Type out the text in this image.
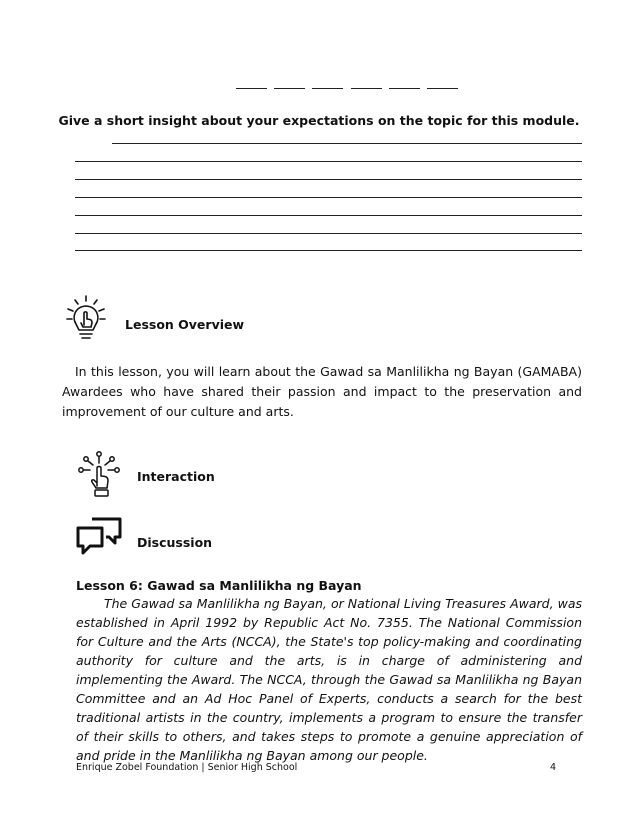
Give a short insight about your expectations on the topic for this module.
Lesson Overview

In this lesson, you will learn about the Gawad sa Manlilikha ng Bayan (GAMABA) Awardees who have shared their passion and impact to the preservation and improvement of our culture and arts.

Interaction
Discussion
Lesson 6: Gawad sa Manlilikha ng Bayan

The Gawad sa Manlilikha ng Bayan, or National Living Treasures Award, was established in April 1992 by Republic Act No. 7355. The National Commission for Culture and the Arts (NCCA), the State's top policy-making and coordinating authority for culture and the arts, is in charge of administering and implementing the Award. The NCCA, through the Gawad sa Manlilikha ng Bayan Committee and an Ad Hoc Panel of Experts, conducts a search for the best traditional artists in the country, implements a program to ensure the transfer of their skills to others, and takes steps to promote a genuine appreciation of and pride in the Manlilikha ng Bayan among our people.

Enrique Zobel Foundation | Senior High School	4
